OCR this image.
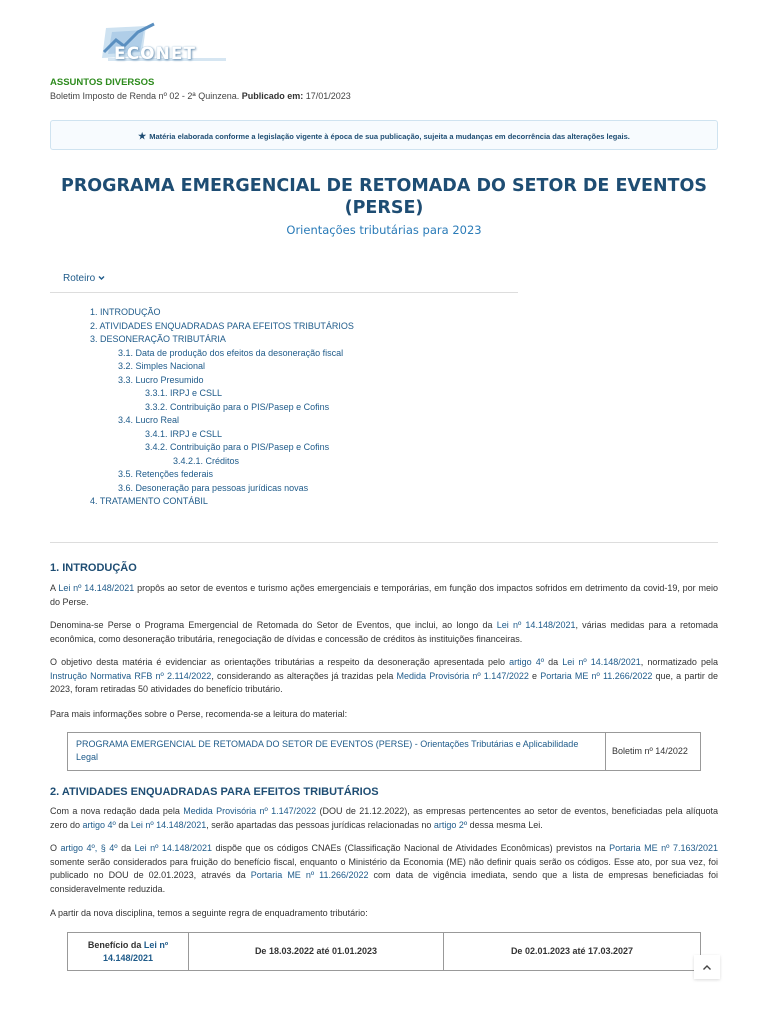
ECONET
ASSUNTOS DIVERSOS
Boletim Imposto de Renda nº 02 - 2ª Quinzena. Publicado em: 17/01/2023
★ Matéria elaborada conforme a legislação vigente à época de sua publicação, sujeita a mudanças em decorrência das alterações legais.
PROGRAMA EMERGENCIAL DE RETOMADA DO SETOR DE EVENTOS (PERSE)
Orientações tributárias para 2023
Roteiro
1. INTRODUÇÃO
2. ATIVIDADES ENQUADRADAS PARA EFEITOS TRIBUTÁRIOS
3. DESONERAÇÃO TRIBUTÁRIA
3.1. Data de produção dos efeitos da desoneração fiscal
3.2. Simples Nacional
3.3. Lucro Presumido
3.3.1. IRPJ e CSLL
3.3.2. Contribuição para o PIS/Pasep e Cofins
3.4. Lucro Real
3.4.1. IRPJ e CSLL
3.4.2. Contribuição para o PIS/Pasep e Cofins
3.4.2.1. Créditos
3.5. Retenções federais
3.6. Desoneração para pessoas jurídicas novas
4. TRATAMENTO CONTÁBIL
1. INTRODUÇÃO
A Lei nº 14.148/2021 propôs ao setor de eventos e turismo ações emergenciais e temporárias, em função dos impactos sofridos em detrimento da covid-19, por meio do Perse.
Denomina-se Perse o Programa Emergencial de Retomada do Setor de Eventos, que inclui, ao longo da Lei nº 14.148/2021, várias medidas para a retomada econômica, como desoneração tributária, renegociação de dívidas e concessão de créditos às instituições financeiras.
O objetivo desta matéria é evidenciar as orientações tributárias a respeito da desoneração apresentada pelo artigo 4º da Lei nº 14.148/2021, normatizado pela Instrução Normativa RFB nº 2.114/2022, considerando as alterações já trazidas pela Medida Provisória nº 1.147/2022 e Portaria ME nº 11.266/2022 que, a partir de 2023, foram retiradas 50 atividades do benefício tributário.
Para mais informações sobre o Perse, recomenda-se a leitura do material:
PROGRAMA EMERGENCIAL DE RETOMADA DO SETOR DE EVENTOS (PERSE) - Orientações Tributárias e Aplicabilidade Legal
Boletim nº 14/2022
2. ATIVIDADES ENQUADRADAS PARA EFEITOS TRIBUTÁRIOS
Com a nova redação dada pela Medida Provisória nº 1.147/2022 (DOU de 21.12.2022), as empresas pertencentes ao setor de eventos, beneficiadas pela alíquota zero do artigo 4º da Lei nº 14.148/2021, serão apartadas das pessoas jurídicas relacionadas no artigo 2º dessa mesma Lei.
O artigo 4º, § 4º da Lei nº 14.148/2021 dispõe que os códigos CNAEs (Classificação Nacional de Atividades Econômicas) previstos na Portaria ME nº 7.163/2021 somente serão considerados para fruição do benefício fiscal, enquanto o Ministério da Economia (ME) não definir quais serão os códigos. Esse ato, por sua vez, foi publicado no DOU de 02.01.2023, através da Portaria ME nº 11.266/2022 com data de vigência imediata, sendo que a lista de empresas beneficiadas foi consideravelmente reduzida.
A partir da nova disciplina, temos a seguinte regra de enquadramento tributário:
Benefício da Lei nº 14.148/2021
De 18.03.2022 até 01.01.2023	De 02.01.2023 até 17.03.2027
